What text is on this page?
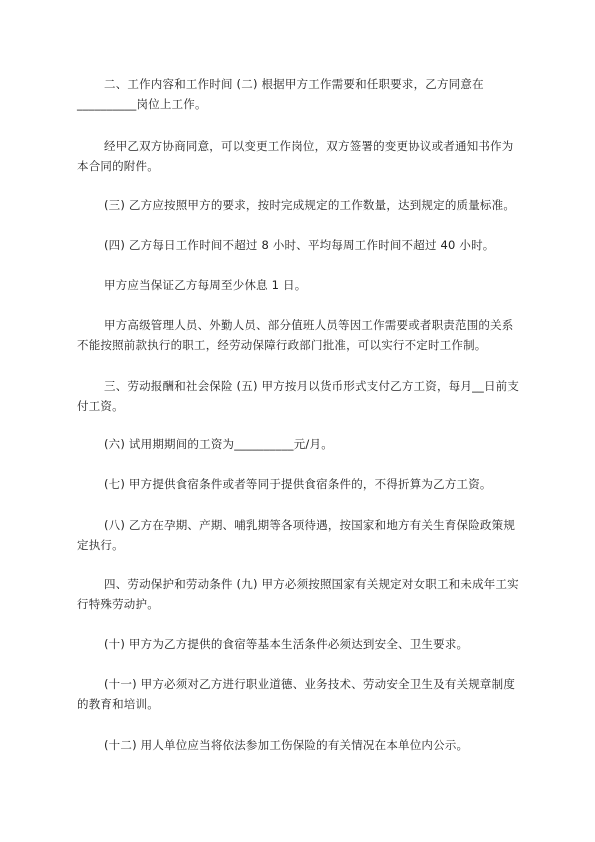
二、工作内容和工作时间 (二) 根据甲方工作需要和任职要求，乙方同意在
__________岗位上工作。
经甲乙双方协商同意，可以变更工作岗位，双方签署的变更协议或者通知书作为
本合同的附件。
(三) 乙方应按照甲方的要求，按时完成规定的工作数量，达到规定的质量标准。
(四) 乙方每日工作时间不超过 8 小时、平均每周工作时间不超过 40 小时。
甲方应当保证乙方每周至少休息 1 日。
甲方高级管理人员、外勤人员、部分值班人员等因工作需要或者职责范围的关系
不能按照前款执行的职工，经劳动保障行政部门批准，可以实行不定时工作制。
三、劳动报酬和社会保险 (五) 甲方按月以货币形式支付乙方工资，每月__日前支
付工资。
(六) 试用期期间的工资为__________元/月。
(七) 甲方提供食宿条件或者等同于提供食宿条件的，不得折算为乙方工资。
(八) 乙方在孕期、产期、哺乳期等各项待遇，按国家和地方有关生育保险政策规
定执行。
四、劳动保护和劳动条件 (九) 甲方必须按照国家有关规定对女职工和未成年工实
行特殊劳动护。
(十) 甲方为乙方提供的食宿等基本生活条件必须达到安全、卫生要求。
(十一) 甲方必须对乙方进行职业道德、业务技术、劳动安全卫生及有关规章制度
的教育和培训。
(十二) 用人单位应当将依法参加工伤保险的有关情况在本单位内公示。
